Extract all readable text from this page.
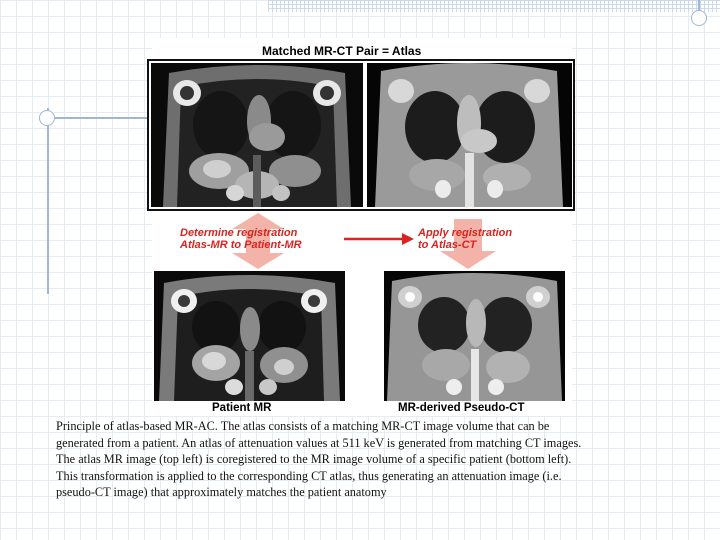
Matched MR-CT Pair = Atlas
Determine registration
Atlas-MR to Patient-MR
Apply registration
to Atlas-CT
Patient MR	MR-derived Pseudo-CT

Principle of atlas-based MR-AC. The atlas consists of a matching MR-CT image volume that can be

generated from a patient. An atlas of attenuation values at 511 keV is generated from matching CT images.

The atlas MR image (top left) is coregistered to the MR image volume of a specific patient (bottom left).

This transformation is applied to the corresponding CT atlas, thus generating an attenuation image (i.e.

pseudo-CT image) that approximately matches the patient anatomy
